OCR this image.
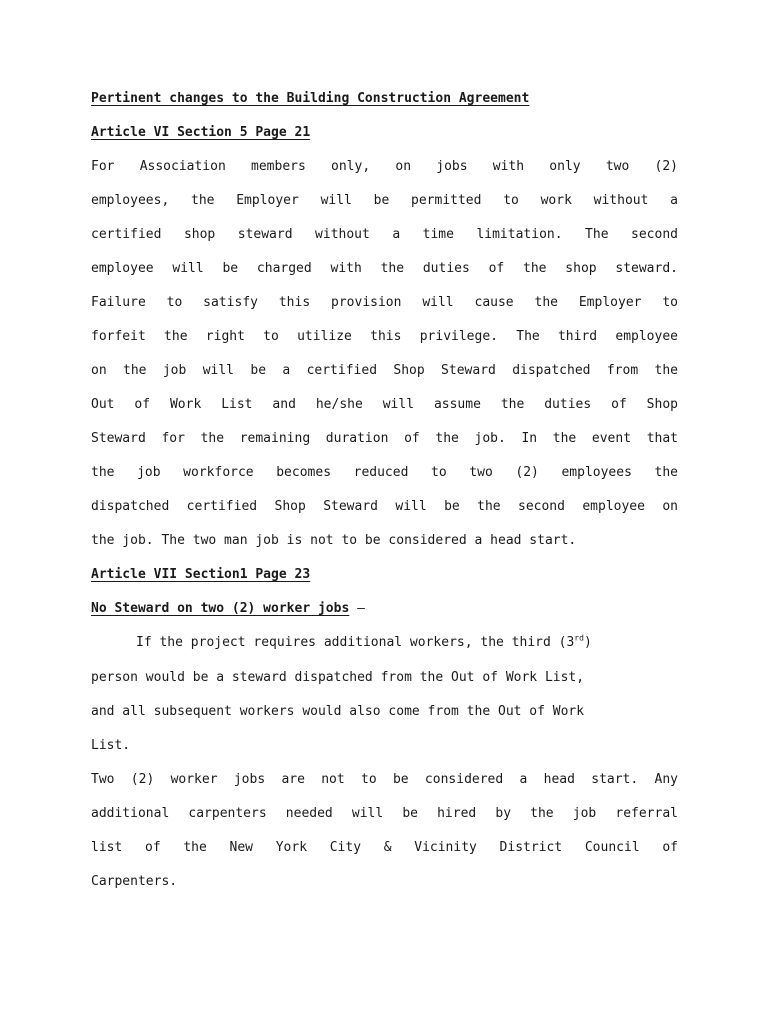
Pertinent changes to the Building Construction Agreement
Article VI Section 5 Page 21
For Association members only, on jobs with only two (2)
employees, the Employer will be permitted to work without a
certified shop steward without a time limitation. The second
employee will be charged with the duties of the shop steward.
Failure to satisfy this provision will cause the Employer to
forfeit the right to utilize this privilege. The third employee
on the job will be a certified Shop Steward dispatched from the
Out of Work List and he/she will assume the duties of Shop
Steward for the remaining duration of the job. In the event that
the job workforce becomes reduced to two (2) employees the
dispatched certified Shop Steward will be the second employee on
the job. The two man job is not to be considered a head start.
Article VII Section1 Page 23
No Steward on two (2) worker jobs –
If the project requires additional workers, the third (3rd)
person would be a steward dispatched from the Out of Work List,
and all subsequent workers would also come from the Out of Work
List.
Two (2) worker jobs are not to be considered a head start. Any
additional carpenters needed will be hired by the job referral
list of the New York City & Vicinity District Council of
Carpenters.
